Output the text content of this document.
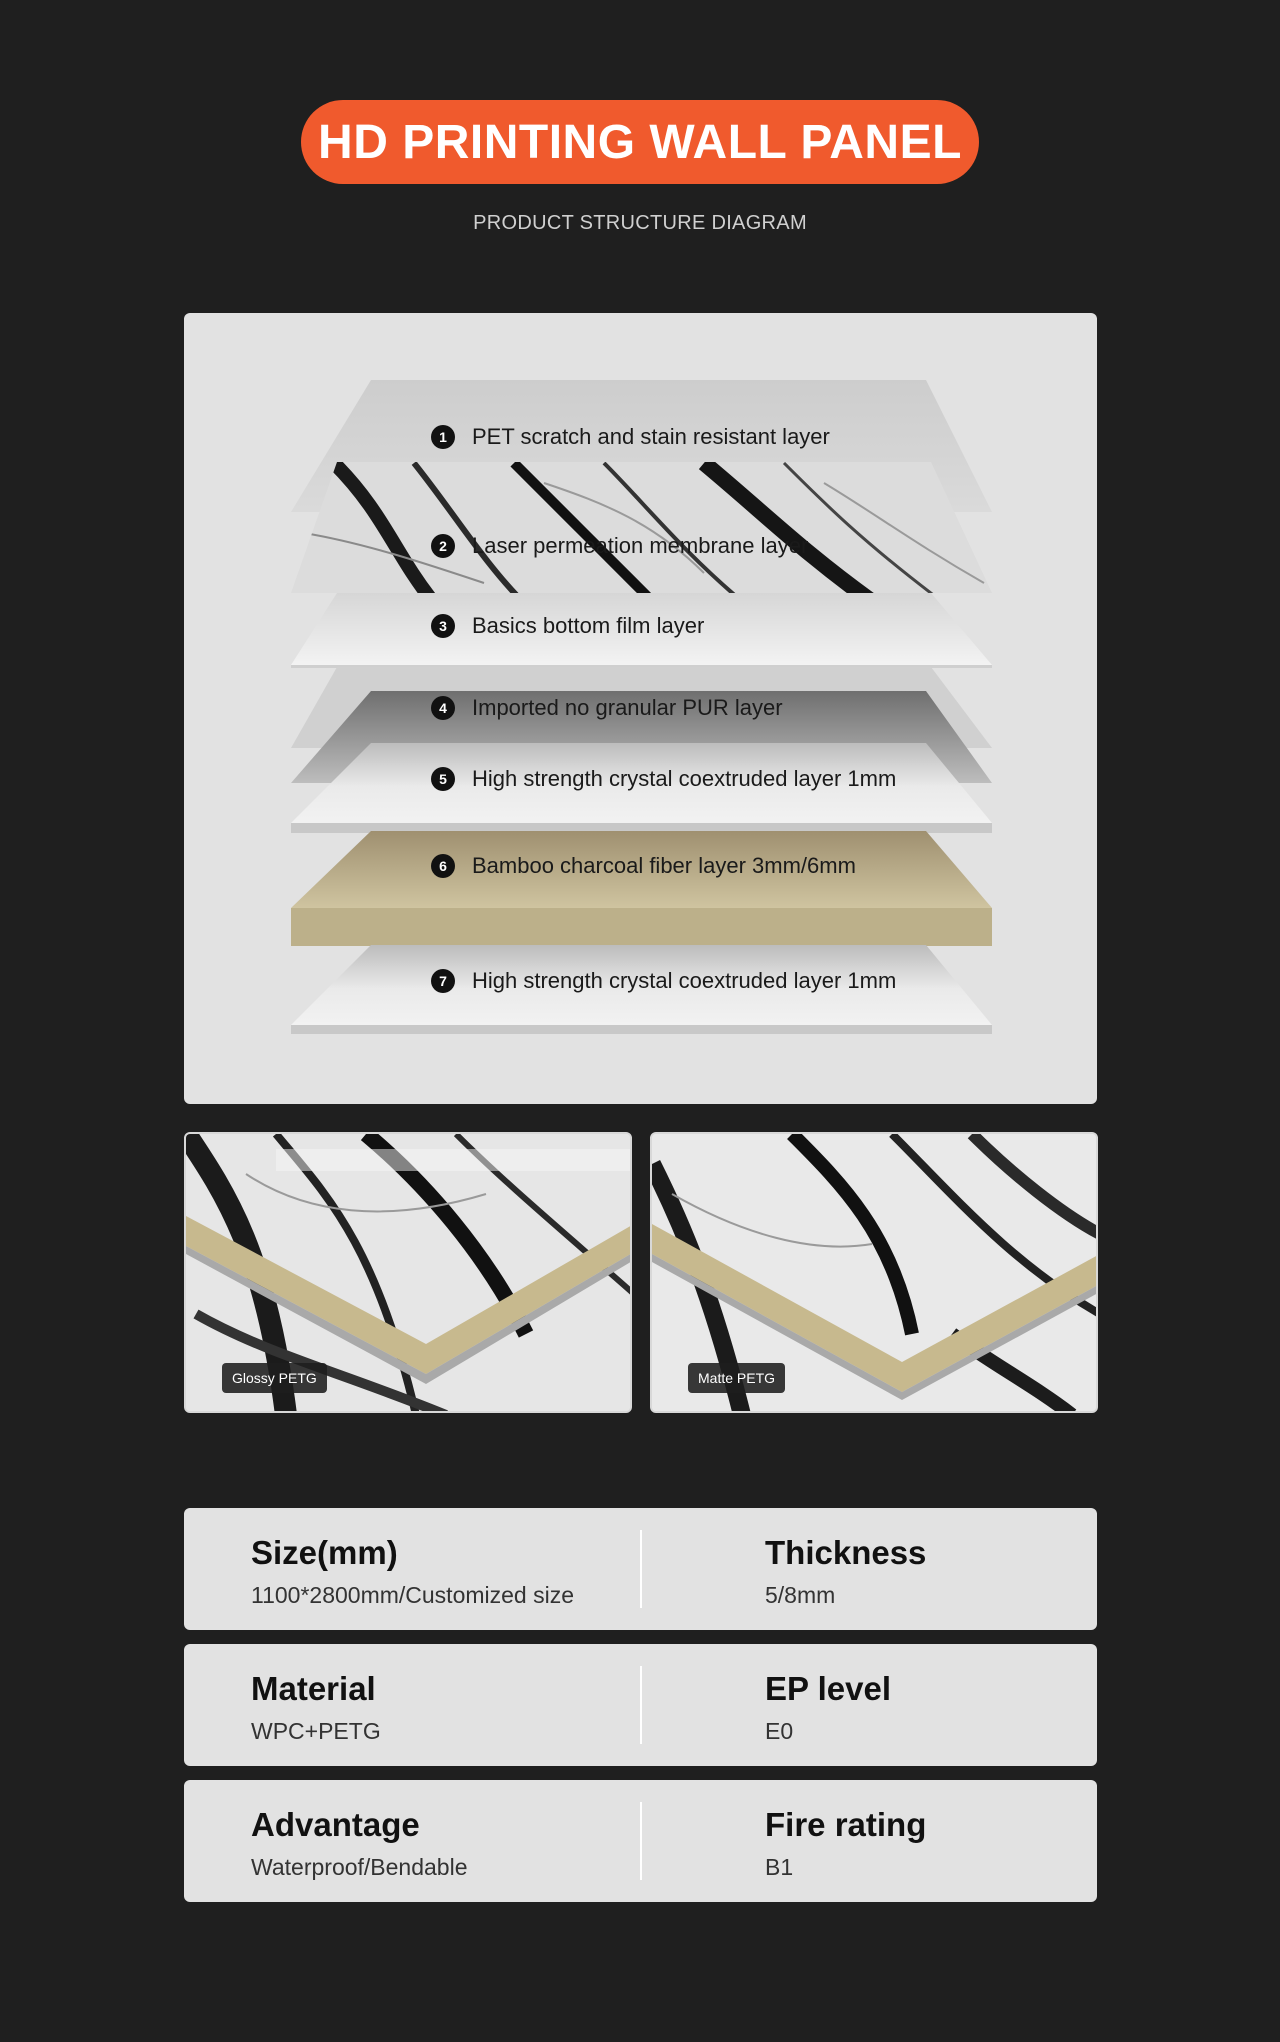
HD PRINTING WALL PANEL
PRODUCT STRUCTURE DIAGRAM
1	PET scratch and stain resistant layer
2	Laser permeation membrane layer
3	Basics bottom film layer
4	Imported no granular PUR layer
5	High strength crystal coextruded layer 1mm
6	Bamboo charcoal fiber layer 3mm/6mm
7	High strength crystal coextruded layer 1mm
Glossy PETG	Matte PETG
Size(mm)
1100*2800mm/Customized size
Thickness
5/8mm
Material
WPC+PETG
EP level
E0
Advantage
Waterproof/Bendable
Fire rating
B1
